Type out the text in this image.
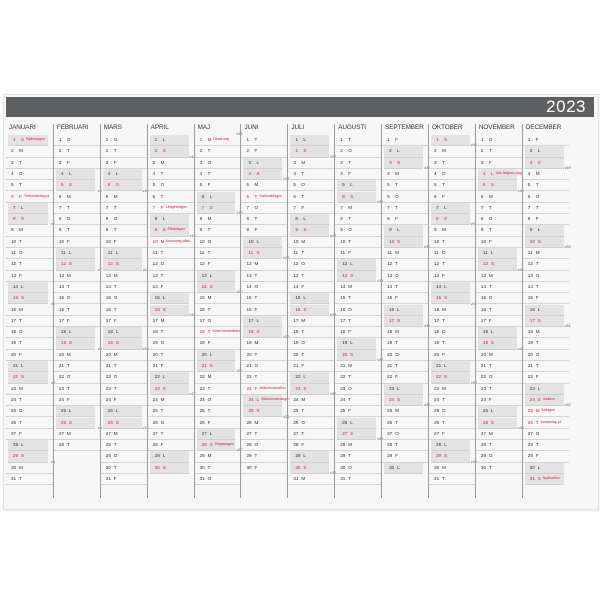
2023
JANUARI
1 S Nyårsdagen
2 M
3 T
4 O
5 T
6 F Trettondedag jul
7 L
8 S
9 M
v2
10 T
11 O
12 T
13 F
14 L
15 S
16 M
v3
17 T
18 O
19 T
20 F
21 L
22 S
23 M
v4
24 T
25 O
26 T
27 F
28 L
29 S
30 M
v5
31 T
FEBRUARI
1 O
2 T
3 F
4 L
5 S
6 M
v6
7 T
8 O
9 T
10 F
11 L
12 S
13 M
v7
14 T
15 O
16 T
17 F
18 L
19 S
20 M
v8
21 T
22 O
23 T
24 F
25 L
26 S
27 M
v9
28 T
MARS
1 O
2 T
3 F
4 L
5 S
6 M
v10
7 T
8 O
9 T
10 F
11 L
12 S
13 M
v11
14 T
15 O
16 T
17 F
18 L
19 S
20 M
v12
21 T
22 O
23 T
24 F
25 L
26 S
27 M
v13
28 T
29 O
30 T
31 F
APRIL
1 L
2 S
3 M
v14
4 T
5 O
6 T
7 F Långfredagen
8 L
9 S Påskdagen
10 M Annandag påsk
v15
11 T
12 O
13 T
14 F
15 L
16 S
17 M
v16
18 T
19 O
20 T
21 F
22 L
23 S
24 M
v17
25 T
26 O
27 T
28 F
29 L
30 S
MAJ
1 M Första maj
v18
2 T
3 O
4 T
5 F
6 L
7 S
8 M
v19
9 T
10 O
11 T
12 F
13 L
14 S
15 M
v20
16 T
17 O
18 T Kristi himmelsfärd
19 F
20 L
21 S
22 M
v21
23 T
24 O
25 T
26 F
27 L
28 S Pingstdagen
29 M
v22
30 T
31 O
JUNI
1 T
2 F
3 L
4 S
5 M
v23
6 T Nationaldagen
7 O
8 T
9 F
10 L
11 S
12 M
v24
13 T
14 O
15 T
16 F
17 L
18 S
19 M
v25
20 T
21 O
22 T
23 F Midsommarafton
24 L Midsommardagen
25 S
26 M
v26
27 T
28 O
29 T
30 F
JULI
1 L
2 S
3 M
v27
4 T
5 O
6 T
7 F
8 L
9 S
10 M
v28
11 T
12 O
13 T
14 F
15 L
16 S
17 M
v29
18 T
19 O
20 T
21 F
22 L
23 S
24 M
v30
25 T
26 O
27 T
28 F
29 L
30 S
31 M
v31
AUGUSTI
1 T
2 O
3 T
4 F
5 L
6 S
7 M
v32
8 T
9 O
10 T
11 F
12 L
13 S
14 M
v33
15 T
16 O
17 T
18 F
19 L
20 S
21 M
v34
22 T
23 O
24 T
25 F
26 L
27 S
28 M
v35
29 T
30 O
31 T
SEPTEMBER
1 F
2 L
3 S
4 M
v36
5 T
6 O
7 T
8 F
9 L
10 S
11 M
v37
12 T
13 O
14 T
15 F
16 L
17 S
18 M
v38
19 T
20 O
21 T
22 F
23 L
24 S
25 M
v39
26 T
27 O
28 T
29 F
30 L
OKTOBER
1 S
2 M
v40
3 T
4 O
5 T
6 F
7 L
8 S
9 M
v41
10 T
11 O
12 T
13 F
14 L
15 S
16 M
v42
17 T
18 O
19 T
20 F
21 L
22 S
23 M
v43
24 T
25 O
26 T
27 F
28 L
29 S
30 M
v44
31 T
NOVEMBER
1 O
2 T
3 F
4 L Alla helgons dag
5 S
6 M
v45
7 T
8 O
9 T
10 F
11 L
12 S
13 M
v46
14 T
15 O
16 T
17 F
18 L
19 S
20 M
v47
21 T
22 O
23 T
24 F
25 L
26 S
27 M
v48
28 T
29 O
30 T
DECEMBER
1 F
2 L
3 S
4 M
v49
5 T
6 O
7 T
8 F
9 L
10 S
11 M
v50
12 T
13 O
14 T
15 F
16 L
17 S
18 M
v51
19 T
20 O
21 T
22 F
23 L
24 S Julafton
25 M Juldagen
v52
26 T Annandag jul
27 O
28 T
29 F
30 L
31 S Nyårsafton
